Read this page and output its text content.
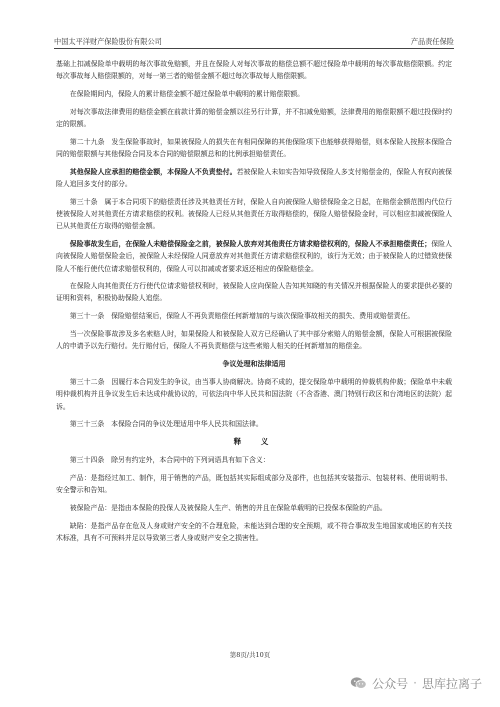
中国太平洋财产保险股份有限公司	产品责任保险

基础上扣减保险单中载明的每次事故免赔额，并且在保险人对每次事故的赔偿总额不超过保险单中载明的每次事故赔偿限额。约定每次事故每人赔偿限额的，对每一第三者的赔偿金额不超过每次事故每人赔偿限额。

在保险期间内，保险人的累计赔偿金额不超过保险单中载明的累计赔偿限额。

对每次事故法律费用的赔偿金额在前款计算的赔偿金额以往另行计算，并不扣减免赔额，法律费用的赔偿限额不超过投保时约定的限额。

第二十九条　发生保险事故时，如果被保险人的损失在有相同保障的其他保险项下也能够获得赔偿，则本保险人按照本保险合同的赔偿限额与其他保险合同及本合同的赔偿限额总和的比例承担赔偿责任。

其他保险人应承担的赔偿金额，本保险人不负责垫付。若被保险人未如实告知导致保险人多支付赔偿金的，保险人有权向被保险人追回多支付的部分。

第三十条　属于本合同项下的赔偿责任涉及其他责任方时，保险人自向被保险人赔偿保险金之日起，在赔偿金额范围内代位行使被保险人对其他责任方请求赔偿的权利。被保险人已经从其他责任方取得赔偿的，保险人赔偿保险金时，可以相应扣减被保险人已从其他责任方取得的赔偿金额。

保险事故发生后，在保险人未赔偿保险金之前，被保险人放弃对其他责任方请求赔偿权利的，保险人不承担赔偿责任；保险人向被保险人赔偿保险金后，被保险人未经保险人同意放弃对其他责任方请求赔偿权利的，该行为无效；由于被保险人的过错致使保险人不能行使代位请求赔偿权利的，保险人可以扣减或者要求返还相应的保险赔偿金。

在保险人向其他责任方行使代位请求赔偿权利时，被保险人应向保险人告知其知晓的有关情况并根据保险人的要求提供必要的证明和资料，积极协助保险人追偿。

第三十一条　保险赔偿结案后，保险人不再负责赔偿任何新增加的与该次保险事故相关的损失、费用或赔偿责任。

当一次保险事故涉及多名索赔人时，如果保险人和被保险人双方已经确认了其中部分索赔人的赔偿金额，保险人可根据被保险人的申请予以先行赔付。先行赔付后，保险人不再负责赔偿与这些索赔人相关的任何新增加的赔偿金。

争议处理和法律适用

第三十二条　因履行本合同发生的争议，由当事人协商解决。协商不成的，提交保险单中载明的仲裁机构仲裁；保险单中未载明仲裁机构并且争议发生后未达成仲裁协议的，可依法向中华人民共和国法院（不含香港、澳门特别行政区和台湾地区的法院）起诉。

第三十三条　本保险合同的争议处理适用中华人民共和国法律。

释　义

第三十四条　除另有约定外，本合同中的下列词语具有如下含义：

产品：是指经过加工、制作，用于销售的产品，既包括其实际组成部分及部件，也包括其安装指示、包装材料、使用说明书、安全警示和告知。

被保险产品：是指由本保险的投保人及被保险人生产、销售的并且在保险单载明的已投保本保险的产品。

缺陷：是指产品存在危及人身或财产安全的不合理危险，未能达到合理的安全预期，或不符合事故发生地国家或地区的有关技术标准，具有不可预料并足以导致第三者人身或财产安全之损害性。

第8页/共10页
公众号 · 思库拉离子
